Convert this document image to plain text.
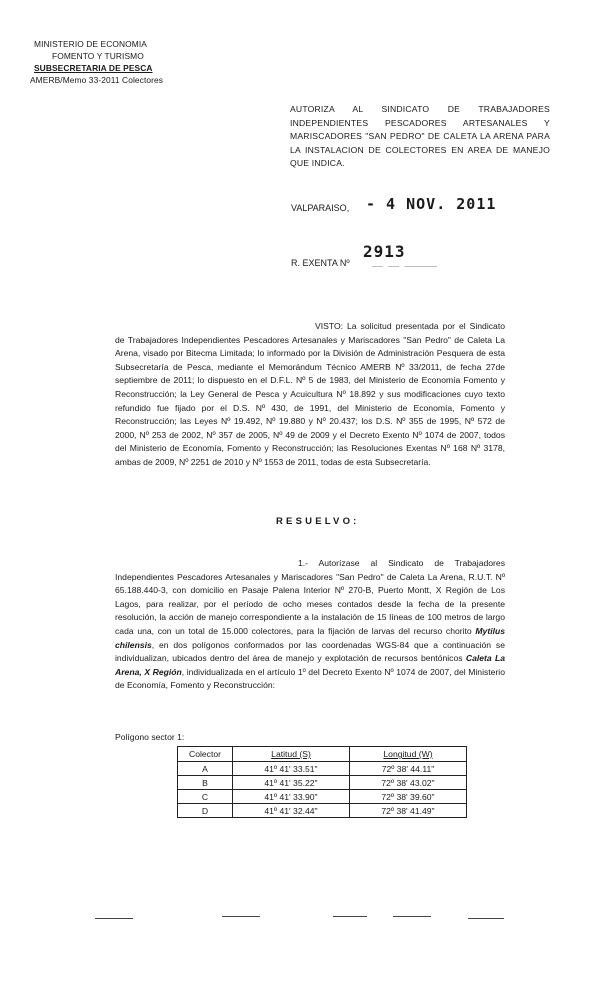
MINISTERIO DE ECONOMIA
FOMENTO Y TURISMO
SUBSECRETARIA DE PESCA
AMERB/Memo 33-2011 Colectores
AUTORIZA AL SINDICATO DE TRABAJADORES INDEPENDIENTES PESCADORES ARTESANALES Y MARISCADORES "SAN PEDRO" DE CALETA LA ARENA PARA LA INSTALACION DE COLECTORES EN AREA DE MANEJO QUE INDICA.
VALPARAISO, - 4 NOV. 2011
R. EXENTA Nº
2913
__ __ ______
VISTO: La solicitud presentada por el Sindicato de Trabajadores Independientes Pescadores Artesanales y Mariscadores "San Pedro" de Caleta La Arena, visado por Bitecma Limitada; lo informado por la División de Administración Pesquera de esta Subsecretaría de Pesca, mediante el Memorándum Técnico AMERB Nº 33/2011, de fecha 27de septiembre de 2011; lo dispuesto en el D.F.L. Nº 5 de 1983, del Ministerio de Economía Fomento y Reconstrucción; la Ley General de Pesca y Acuicultura Nº 18.892 y sus modificaciones cuyo texto refundido fue fijado por el D.S. Nº 430, de 1991, del Ministerio de Economía, Fomento y Reconstrucción; las Leyes Nº 19.492, Nº 19.880 y Nº 20.437; los D.S. Nº 355 de 1995, Nº 572 de 2000, Nº 253 de 2002, Nº 357 de 2005, Nº 49 de 2009 y el Decreto Exento Nº 1074 de 2007, todos del Ministerio de Economía, Fomento y Reconstrucción; las Resoluciones Exentas Nº 168 Nº 3178, ambas de 2009, Nº 2251 de 2010 y Nº 1553 de 2011, todas de esta Subsecretaría.
RESUELVO:
1.- Autorízase al Sindicato de Trabajadores Independientes Pescadores Artesanales y Mariscadores "San Pedro" de Caleta La Arena, R.U.T. Nº 65.188.440-3, con domicilio en Pasaje Palena Interior Nº 270-B, Puerto Montt, X Región de Los Lagos, para realizar, por el período de ocho meses contados desde la fecha de la presente resolución, la acción de manejo correspondiente a la instalación de 15 líneas de 100 metros de largo cada una, con un total de 15.000 colectores, para la fijación de larvas del recurso chorito Mytilus chilensis, en dos polígonos conformados por las coordenadas WGS-84 que a continuación se individualizan, ubicados dentro del área de manejo y explotación de recursos bentónicos Caleta La Arena, X Región, individualizada en el artículo 1º del Decreto Exento Nº 1074 de 2007, del Ministerio de Economía, Fomento y Reconstrucción:
Polígono sector 1:
Colector	Latitud (S)	Longitud (W)
A	41º 41' 33.51"	72º 38' 44.11"
B	41º 41' 35.22"	72º 38' 43.02"
C	41º 41' 33.90"	72º 38' 39.60"
D	41º 41' 32.44"	72º 38' 41.49"
